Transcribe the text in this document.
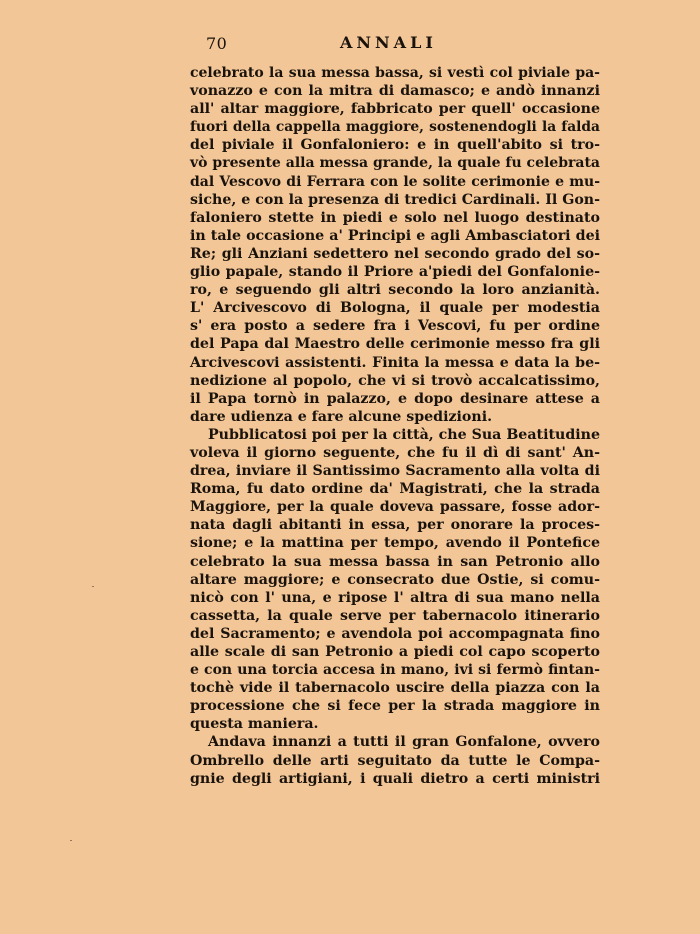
70	ANNALI
celebrato la sua messa bassa, si vestì col piviale pa-
vonazzo e con la mitra di damasco; e andò innanzi
all' altar maggiore, fabbricato per quell' occasione
fuori della cappella maggiore, sostenendogli la falda
del piviale il Gonfaloniero: e in quell'abito si tro-
vò presente alla messa grande, la quale fu celebrata
dal Vescovo di Ferrara con le solite cerimonie e mu-
siche, e con la presenza di tredici Cardinali. Il Gon-
faloniero stette in piedi e solo nel luogo destinato
in tale occasione a' Principi e agli Ambasciatori dei
Re; gli Anziani sedettero nel secondo grado del so-
glio papale, stando il Priore a'piedi del Gonfalonie-
ro, e seguendo gli altri secondo la loro anzianità.
L' Arcivescovo di Bologna, il quale per modestia
s' era posto a sedere fra i Vescovi, fu per ordine
del Papa dal Maestro delle cerimonie messo fra gli
Arcivescovi assistenti. Finita la messa e data la be-
nedizione al popolo, che vi si trovò accalcatissimo,
il Papa tornò in palazzo, e dopo desinare attese a
dare udienza e fare alcune spedizioni.
Pubblicatosi poi per la città, che Sua Beatitudine
voleva il giorno seguente, che fu il dì di sant' An-
drea, inviare il Santissimo Sacramento alla volta di
Roma, fu dato ordine da' Magistrati, che la strada
Maggiore, per la quale doveva passare, fosse ador-
nata dagli abitanti in essa, per onorare la proces-
sione; e la mattina per tempo, avendo il Pontefice
celebrato la sua messa bassa in san Petronio allo
altare maggiore; e consecrato due Ostie, si comu-
nicò con l' una, e ripose l' altra di sua mano nella
cassetta, la quale serve per tabernacolo itinerario
del Sacramento; e avendola poi accompagnata fino
alle scale di san Petronio a piedi col capo scoperto
e con una torcia accesa in mano, ivi si fermò fintan-
tochè vide il tabernacolo uscire della piazza con la
processione che si fece per la strada maggiore in
questa maniera.
Andava innanzi a tutti il gran Gonfalone, ovvero
Ombrello delle arti seguitato da tutte le Compa-
gnie degli artigiani, i quali dietro a certi ministri
